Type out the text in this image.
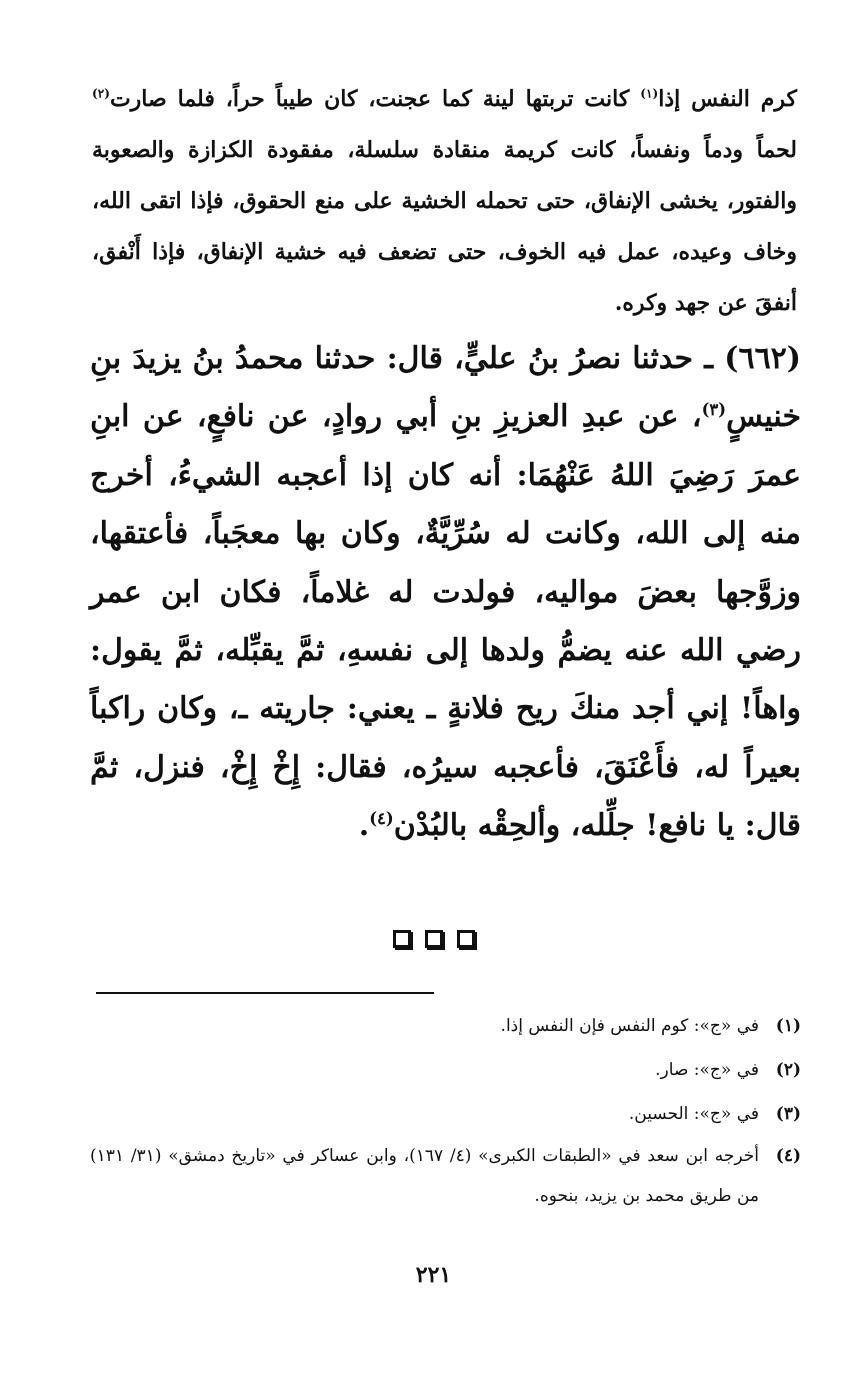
كرم النفس إذا$^{(١)}$ كانت تربتها لينة كما عجنت، كان طيباً حراً، فلما صارت$^{(٢)}$ لحماً ودماً ونفساً، كانت كريمة منقادة سلسلة، مفقودة الكزازة والصعوبة والفتور، يخشى الإنفاق، حتى تحمله الخشية على منع الحقوق، فإذا اتقى الله، وخاف وعيده، عمل فيه الخوف، حتى تضعف فيه خشية الإنفاق، فإذا أَنْفق، أنفقَ عن جهد وكره.
(٦٦٢) ـ حدثنا نصرُ بنُ عليٍّ، قال: حدثنا محمدُ بنُ يزيدَ بنِ خنيسٍ$^{(٣)}$، عن عبدِ العزيزِ بنِ أبي روادٍ، عن نافعٍ، عن ابنِ عمرَ رَضِيَ اللهُ عَنْهُمَا: أنه كان إذا أعجبه الشيءُ، أخرج منه إلى الله، وكانت له سُرِّيَّةٌ، وكان بها معجَباً، فأعتقها، وزوَّجها بعضَ مواليه، فولدت له غلاماً، فكان ابن عمر رضي الله عنه يضمُّ ولدها إلى نفسهِ، ثمَّ يقبِّله، ثمَّ يقول: واهاً! إني أجد منكَ ريح فلانةٍ ـ يعني: جاريته ـ، وكان راكباً بعيراً له، فأَعْنَقَ، فأعجبه سيرُه، فقال: إِخْ إِخْ، فنزل، ثمَّ قال: يا نافع! جلِّله، وألحِقْه بالبُدْن$^{(٤)}$.
(١)
في «ج»: كوم النفس فإن النفس إذا.
(٢)
في «ج»: صار.
(٣)
في «ج»: الحسين.
(٤)
أخرجه ابن سعد في «الطبقات الكبرى» (٤/ ١٦٧)، وابن عساكر في «تاريخ دمشق» (٣١/ ١٣١) من طريق محمد بن يزيد، بنحوه.
٢٢١
